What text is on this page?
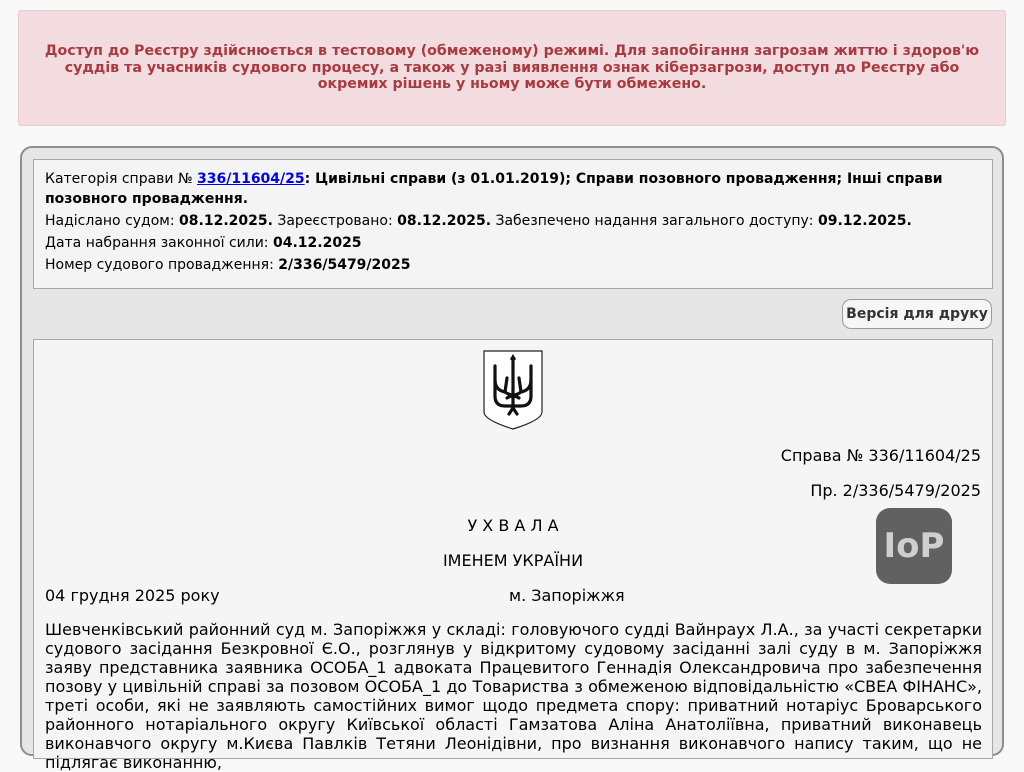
Доступ до Реєстру здійснюється в тестовому (обмеженому) режимі. Для запобігання загрозам життю і здоров'ю суддів та учасників судового процесу, а також у разі виявлення ознак кіберзагрози, доступ до Реєстру або окремих рішень у ньому може бути обмежено.
Категорія справи № 336/11604/25: Цивільні справи (з 01.01.2019); Справи позовного провадження; Інші справи позовного провадження.
Надіслано судом: 08.12.2025. Зареєстровано: 08.12.2025. Забезпечено надання загального доступу: 09.12.2025.
Дата набрання законної сили: 04.12.2025
Номер судового провадження: 2/336/5479/2025
Версія для друку
Справа № 336/11604/25
Пр. 2/336/5479/2025
У Х В А Л А
ІМЕНЕМ УКРАЇНИ
04 грудня 2025 року	м. Запоріжжя
Шевченківський районний суд м. Запоріжжя у складі: головуючого судді Вайнраух Л.А., за участі секретарки судового засідання Безкровної Є.О., розглянув у відкритому судовому засіданні залі суду в м. Запоріжжя заяву представника заявника ОСОБА_1 адвоката Працевитого Геннадія Олександровича про забезпечення позову у цивільній справі за позовом ОСОБА_1 до Товариства з обмеженою відповідальністю «СВЕА ФІНАНС», треті особи, які не заявляють самостійних вимог щодо предмета спору: приватний нотаріус Броварського районного нотаріального округу Київської області Гамзатова Аліна Анатоліївна, приватний виконавець виконавчого округу м.Києва Павлків Тетяни Леонідівни, про визнання виконавчого напису таким, що не підлягає виконанню,
IoP
